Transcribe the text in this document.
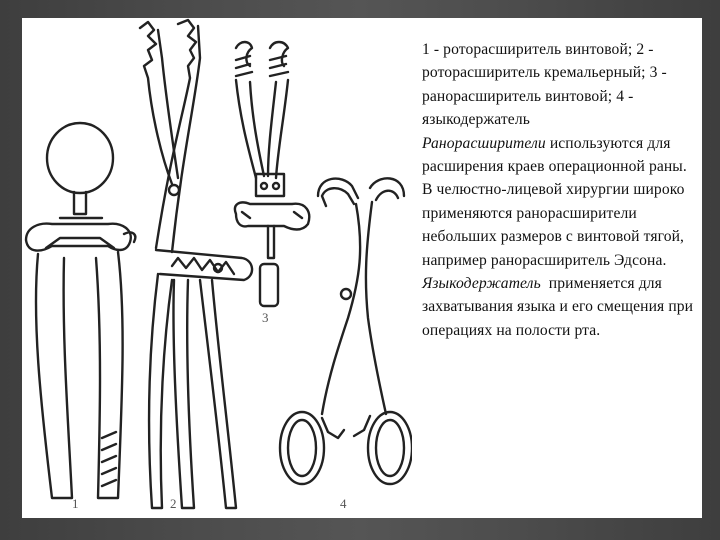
1	2
3
4

1 - роторасширитель винтовой; 2 - роторасширитель кремальерный; 3 - ранорасширитель винтовой; 4 - языкодержатель

Ранорасширители используются для расширения краев операционной раны. В челюстно-лицевой хирургии широко применяются ранорасширители небольших размеров с винтовой тягой, например ранорасширитель Эдсона.

Языкодержатель  применяется для захватывания языка и его смещения при операциях на полости рта.
